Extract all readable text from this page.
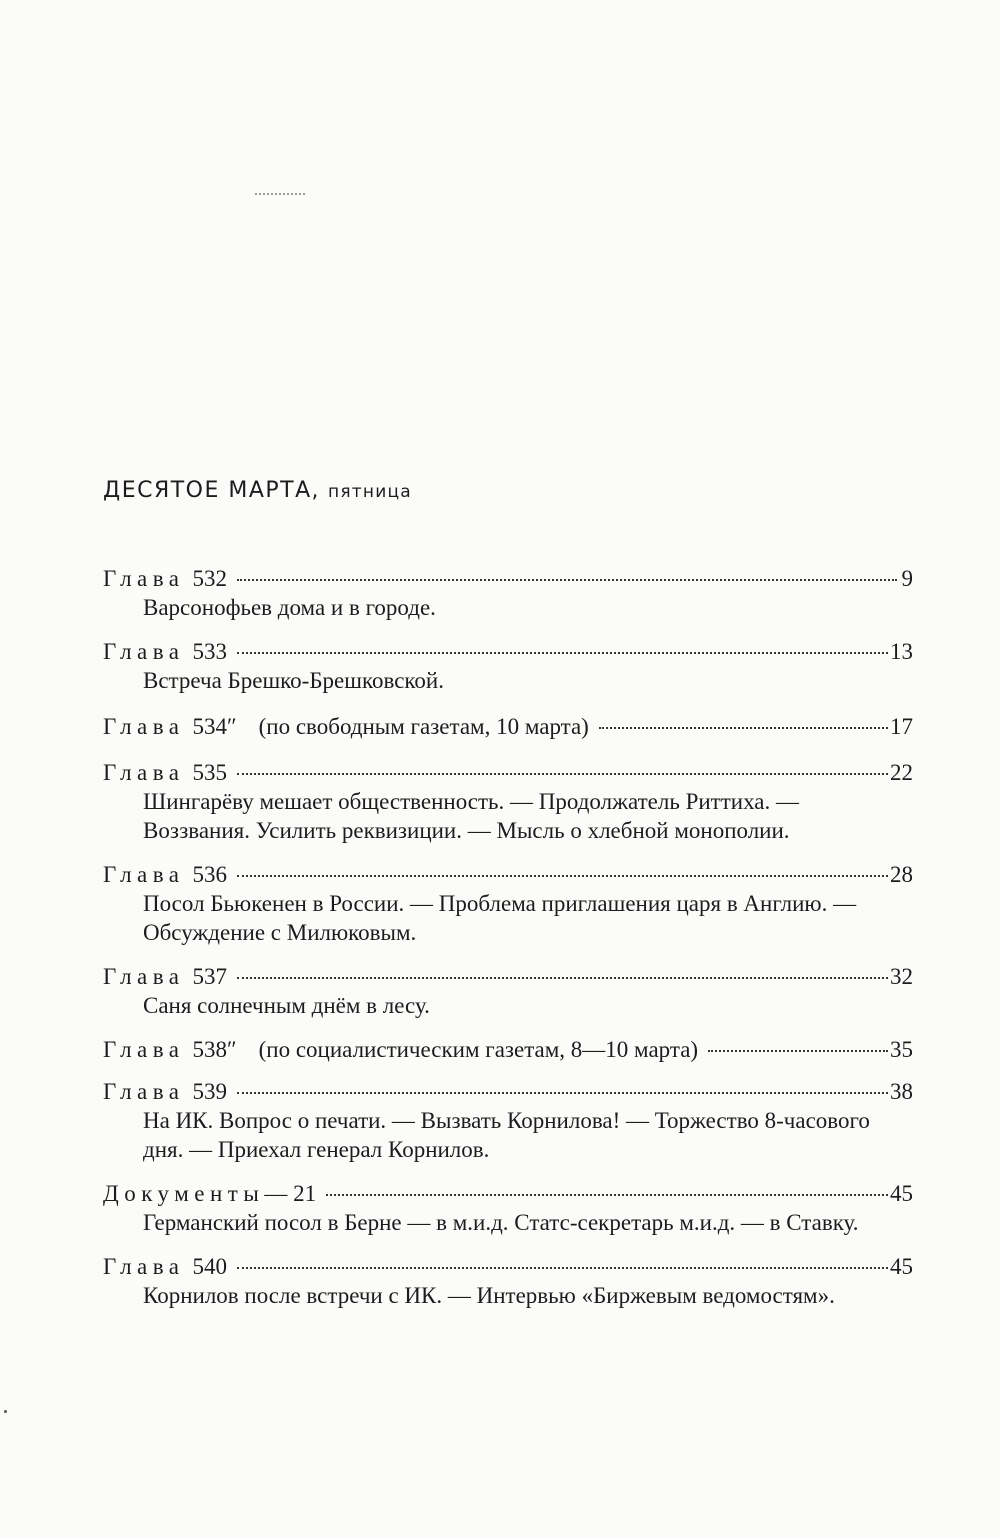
ДЕСЯТОЕ МАРТА, пятница
Глава 532	9
Варсонофьев дома и в городе.
Глава 533	13
Встреча Брешко-Брешковской.
Глава 534″ (по свободным газетам, 10 марта)	17
Глава 535	22
Шингарёву мешает общественность. — Продолжатель Риттиха. — Воззвания. Усилить реквизиции. — Мысль о хлебной монополии.
Глава 536	28
Посол Бьюкенен в России. — Проблема приглашения царя в Англию. — Обсуждение с Милюковым.
Глава 537	32
Саня солнечным днём в лесу.
Глава 538″ (по социалистическим газетам, 8—10 марта)	35
Глава 539	38
На ИК. Вопрос о печати. — Вызвать Корнилова! — Торжество 8-часового дня. — Приехал генерал Корнилов.
Документы — 21	45
Германский посол в Берне — в м.и.д. Статс-секретарь м.и.д. — в Ставку.
Глава 540	45
Корнилов после встречи с ИК. — Интервью «Биржевым ведомостям».
